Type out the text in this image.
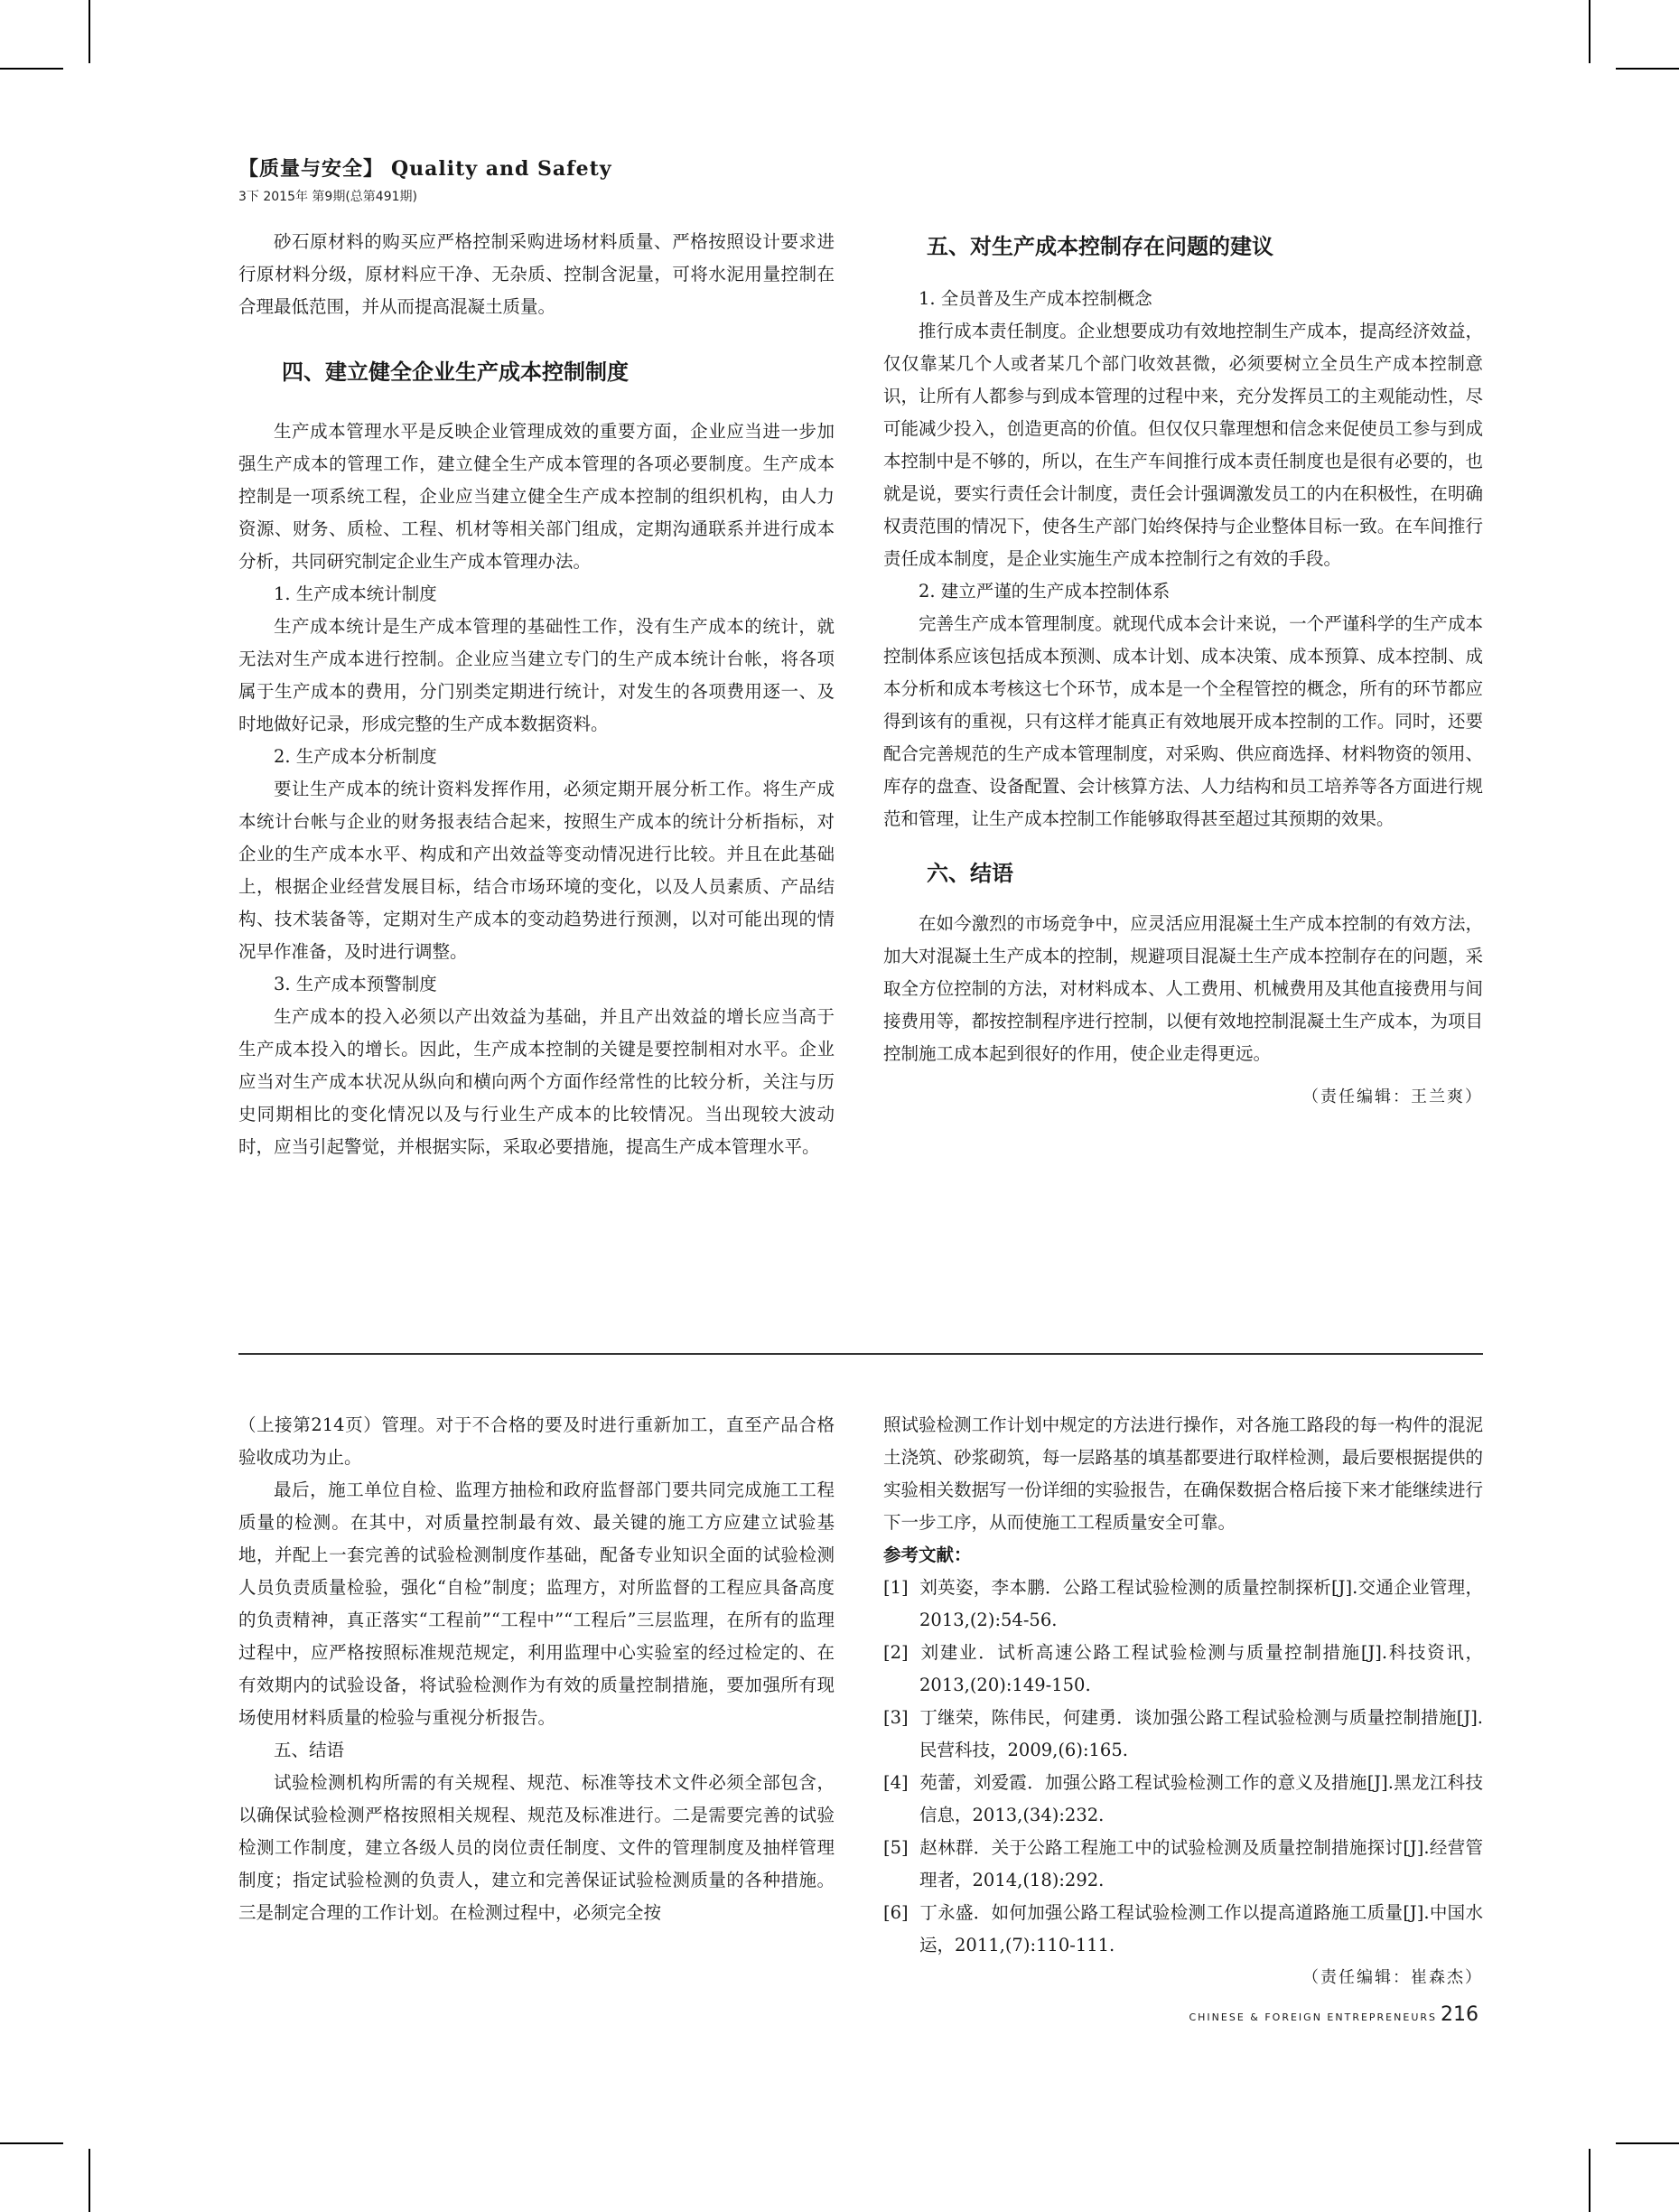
【质量与安全】 Quality and Safety
3下 2015年 第9期(总第491期)

砂石原材料的购买应严格控制采购进场材料质量、严格按照设计要求进行原材料分级，原材料应干净、无杂质、控制含泥量，可将水泥用量控制在合理最低范围，并从而提高混凝土质量。

四、建立健全企业生产成本控制制度

生产成本管理水平是反映企业管理成效的重要方面，企业应当进一步加强生产成本的管理工作，建立健全生产成本管理的各项必要制度。生产成本控制是一项系统工程，企业应当建立健全生产成本控制的组织机构，由人力资源、财务、质检、工程、机材等相关部门组成，定期沟通联系并进行成本分析，共同研究制定企业生产成本管理办法。

1. 生产成本统计制度

生产成本统计是生产成本管理的基础性工作，没有生产成本的统计，就无法对生产成本进行控制。企业应当建立专门的生产成本统计台帐，将各项属于生产成本的费用，分门别类定期进行统计，对发生的各项费用逐一、及时地做好记录，形成完整的生产成本数据资料。

2. 生产成本分析制度

要让生产成本的统计资料发挥作用，必须定期开展分析工作。将生产成本统计台帐与企业的财务报表结合起来，按照生产成本的统计分析指标，对企业的生产成本水平、构成和产出效益等变动情况进行比较。并且在此基础上，根据企业经营发展目标，结合市场环境的变化，以及人员素质、产品结构、技术装备等，定期对生产成本的变动趋势进行预测，以对可能出现的情况早作准备，及时进行调整。

3. 生产成本预警制度

生产成本的投入必须以产出效益为基础，并且产出效益的增长应当高于生产成本投入的增长。因此，生产成本控制的关键是要控制相对水平。企业应当对生产成本状况从纵向和横向两个方面作经常性的比较分析，关注与历史同期相比的变化情况以及与行业生产成本的比较情况。当出现较大波动时，应当引起警觉，并根据实际，采取必要措施，提高生产成本管理水平。

五、对生产成本控制存在问题的建议

1. 全员普及生产成本控制概念

推行成本责任制度。企业想要成功有效地控制生产成本，提高经济效益，仅仅靠某几个人或者某几个部门收效甚微，必须要树立全员生产成本控制意识，让所有人都参与到成本管理的过程中来，充分发挥员工的主观能动性，尽可能减少投入，创造更高的价值。但仅仅只靠理想和信念来促使员工参与到成本控制中是不够的，所以，在生产车间推行成本责任制度也是很有必要的，也就是说，要实行责任会计制度，责任会计强调激发员工的内在积极性，在明确权责范围的情况下，使各生产部门始终保持与企业整体目标一致。在车间推行责任成本制度，是企业实施生产成本控制行之有效的手段。

2. 建立严谨的生产成本控制体系

完善生产成本管理制度。就现代成本会计来说，一个严谨科学的生产成本控制体系应该包括成本预测、成本计划、成本决策、成本预算、成本控制、成本分析和成本考核这七个环节，成本是一个全程管控的概念，所有的环节都应得到该有的重视，只有这样才能真正有效地展开成本控制的工作。同时，还要配合完善规范的生产成本管理制度，对采购、供应商选择、材料物资的领用、库存的盘查、设备配置、会计核算方法、人力结构和员工培养等各方面进行规范和管理，让生产成本控制工作能够取得甚至超过其预期的效果。

六、结语

在如今激烈的市场竞争中，应灵活应用混凝土生产成本控制的有效方法，加大对混凝土生产成本的控制，规避项目混凝土生产成本控制存在的问题，采取全方位控制的方法，对材料成本、人工费用、机械费用及其他直接费用与间接费用等，都按控制程序进行控制，以便有效地控制混凝土生产成本，为项目控制施工成本起到很好的作用，使企业走得更远。

（责任编辑：王兰爽）

（上接第214页）管理。对于不合格的要及时进行重新加工，直至产品合格验收成功为止。

最后，施工单位自检、监理方抽检和政府监督部门要共同完成施工工程质量的检测。在其中，对质量控制最有效、最关键的施工方应建立试验基地，并配上一套完善的试验检测制度作基础，配备专业知识全面的试验检测人员负责质量检验，强化“自检”制度；监理方，对所监督的工程应具备高度的负责精神，真正落实“工程前”“工程中”“工程后”三层监理，在所有的监理过程中，应严格按照标准规范规定，利用监理中心实验室的经过检定的、在有效期内的试验设备，将试验检测作为有效的质量控制措施，要加强所有现场使用材料质量的检验与重视分析报告。

五、结语

试验检测机构所需的有关规程、规范、标准等技术文件必须全部包含，以确保试验检测严格按照相关规程、规范及标准进行。二是需要完善的试验检测工作制度，建立各级人员的岗位责任制度、文件的管理制度及抽样管理制度；指定试验检测的负责人，建立和完善保证试验检测质量的各种措施。三是制定合理的工作计划。在检测过程中，必须完全按

照试验检测工作计划中规定的方法进行操作，对各施工路段的每一构件的混泥土浇筑、砂浆砌筑，每一层路基的填基都要进行取样检测，最后要根据提供的实验相关数据写一份详细的实验报告，在确保数据合格后接下来才能继续进行下一步工序，从而使施工工程质量安全可靠。

参考文献：

[1] 刘英姿，李本鹏．公路工程试验检测的质量控制探析[J].交通企业管理，2013,(2):54-56.

[2] 刘建业．试析高速公路工程试验检测与质量控制措施[J].科技资讯，2013,(20):149-150.

[3] 丁继荣，陈伟民，何建勇．谈加强公路工程试验检测与质量控制措施[J].民营科技，2009,(6):165.

[4] 苑蕾，刘爱霞．加强公路工程试验检测工作的意义及措施[J].黑龙江科技信息，2013,(34):232.

[5] 赵林群．关于公路工程施工中的试验检测及质量控制措施探讨[J].经营管理者，2014,(18):292.

[6] 丁永盛．如何加强公路工程试验检测工作以提高道路施工质量[J].中国水运，2011,(7):110-111.

（责任编辑：崔森杰）
CHINESE & FOREIGN ENTREPRENEURS 216
